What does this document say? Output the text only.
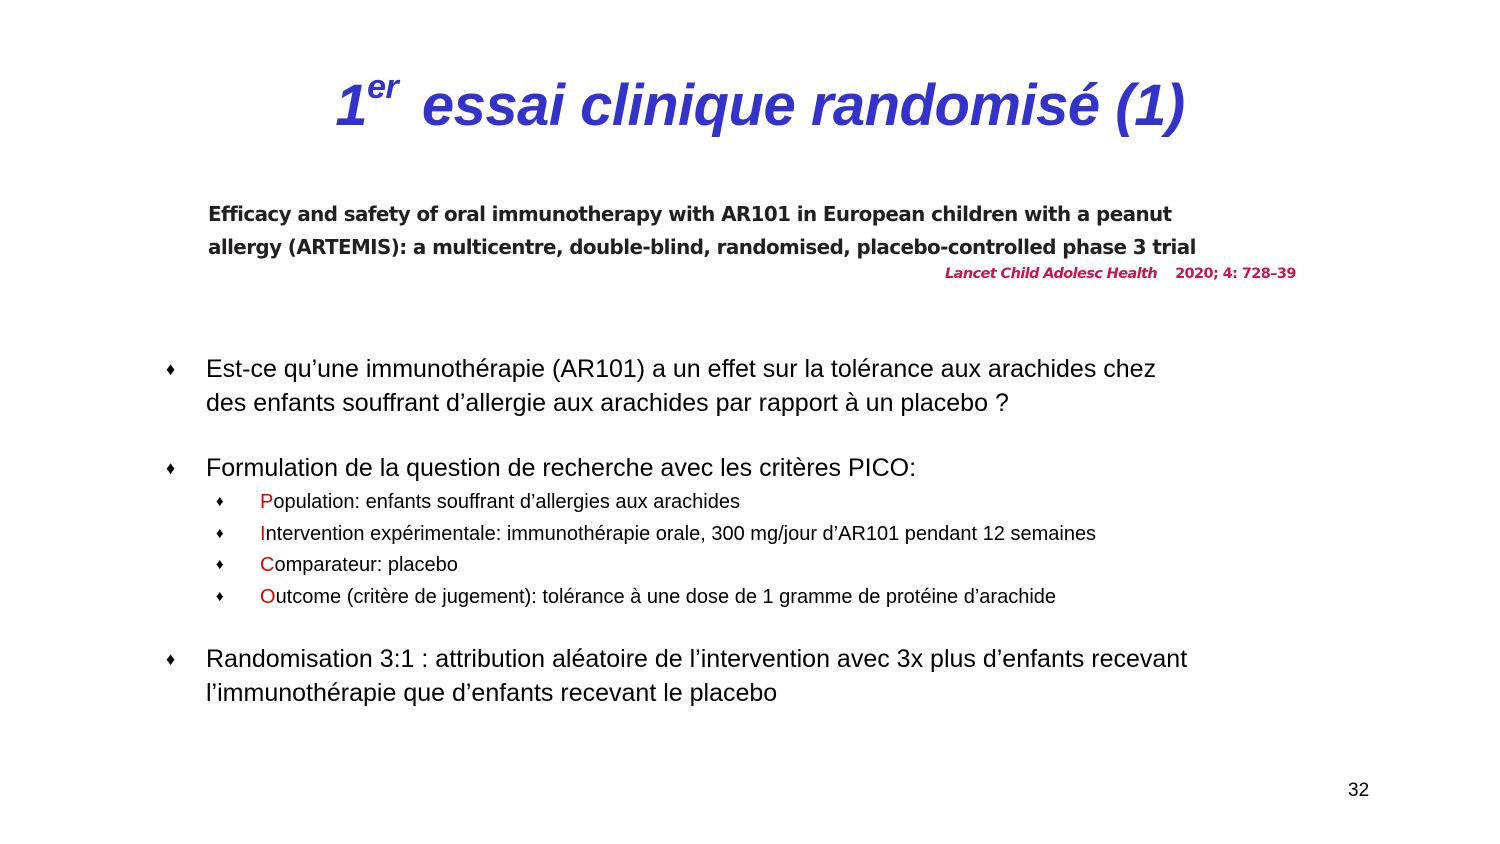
1er essai clinique randomisé (1)
Efficacy and safety of oral immunotherapy with AR101 in European children with a peanut
allergy (ARTEMIS): a multicentre, double-blind, randomised, placebo-controlled phase 3 trial
Lancet Child Adolesc Health 2020; 4: 728–39
♦ Est-ce qu’une immunothérapie (AR101) a un effet sur la tolérance aux arachides chez
des enfants souffrant d’allergie aux arachides par rapport à un placebo ?
♦ Formulation de la question de recherche avec les critères PICO:
♦ Population: enfants souffrant d’allergies aux arachides
♦ Intervention expérimentale: immunothérapie orale, 300 mg/jour d’AR101 pendant 12 semaines
♦ Comparateur: placebo
♦ Outcome (critère de jugement): tolérance à une dose de 1 gramme de protéine d’arachide
♦ Randomisation 3:1 : attribution aléatoire de l’intervention avec 3x plus d’enfants recevant
l’immunothérapie que d’enfants recevant le placebo
32
